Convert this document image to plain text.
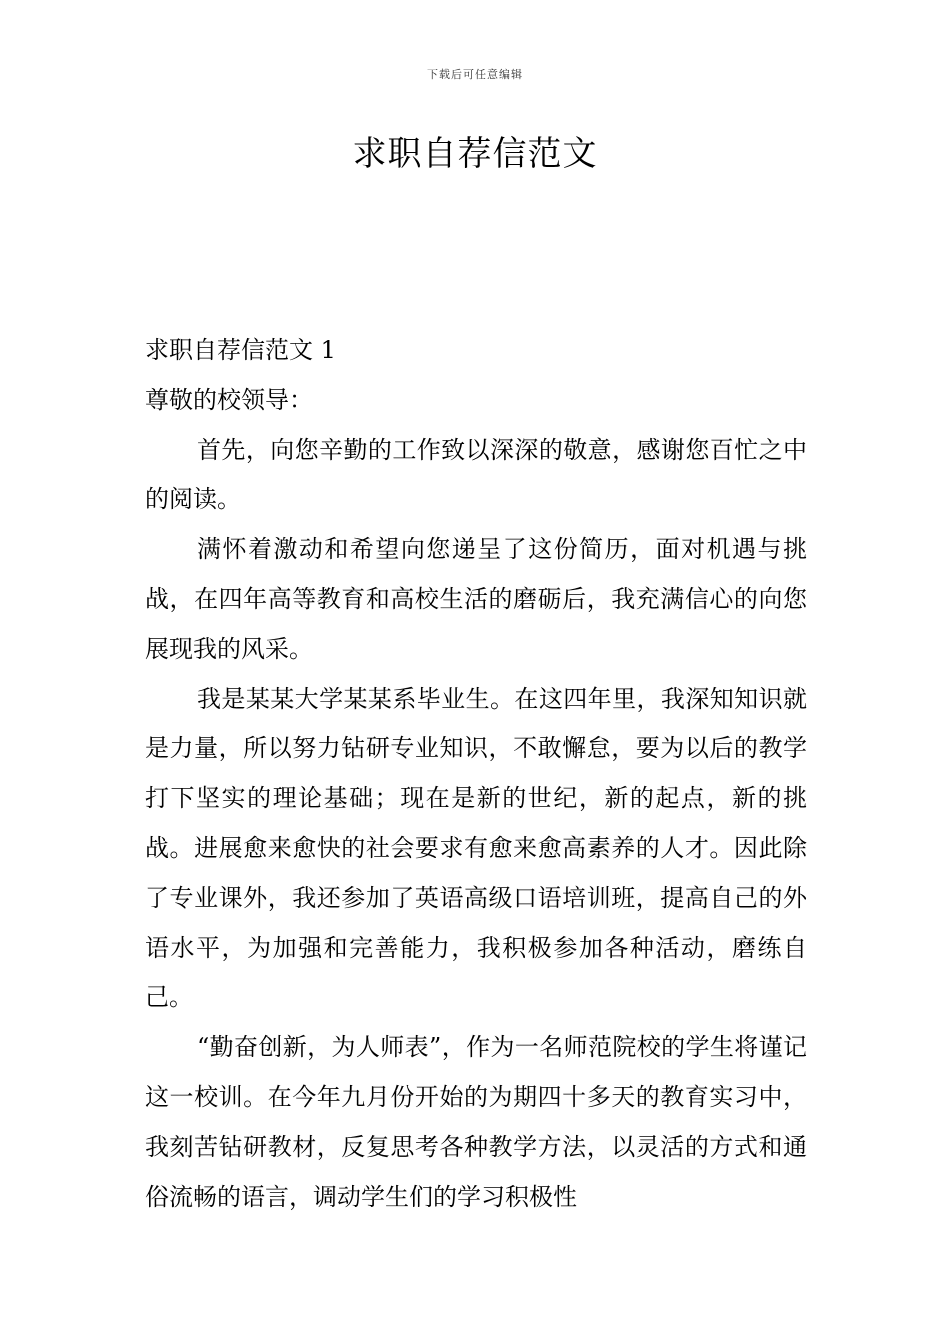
下载后可任意编辑
求职自荐信范文

求职自荐信范文 1

尊敬的校领导：

首先，向您辛勤的工作致以深深的敬意，感谢您百忙之中的阅读。

满怀着激动和希望向您递呈了这份简历，面对机遇与挑战，在四年高等教育和高校生活的磨砺后，我充满信心的向您展现我的风采。

我是某某大学某某系毕业生。在这四年里，我深知知识就是力量，所以努力钻研专业知识，不敢懈怠，要为以后的教学打下坚实的理论基础；现在是新的世纪，新的起点，新的挑战。进展愈来愈快的社会要求有愈来愈高素养的人才。因此除了专业课外，我还参加了英语高级口语培训班，提高自己的外语水平，为加强和完善能力，我积极参加各种活动，磨练自己。

“勤奋创新，为人师表”，作为一名师范院校的学生将谨记这一校训。在今年九月份开始的为期四十多天的教育实习中，我刻苦钻研教材，反复思考各种教学方法，以灵活的方式和通俗流畅的语言，调动学生们的学习积极性
